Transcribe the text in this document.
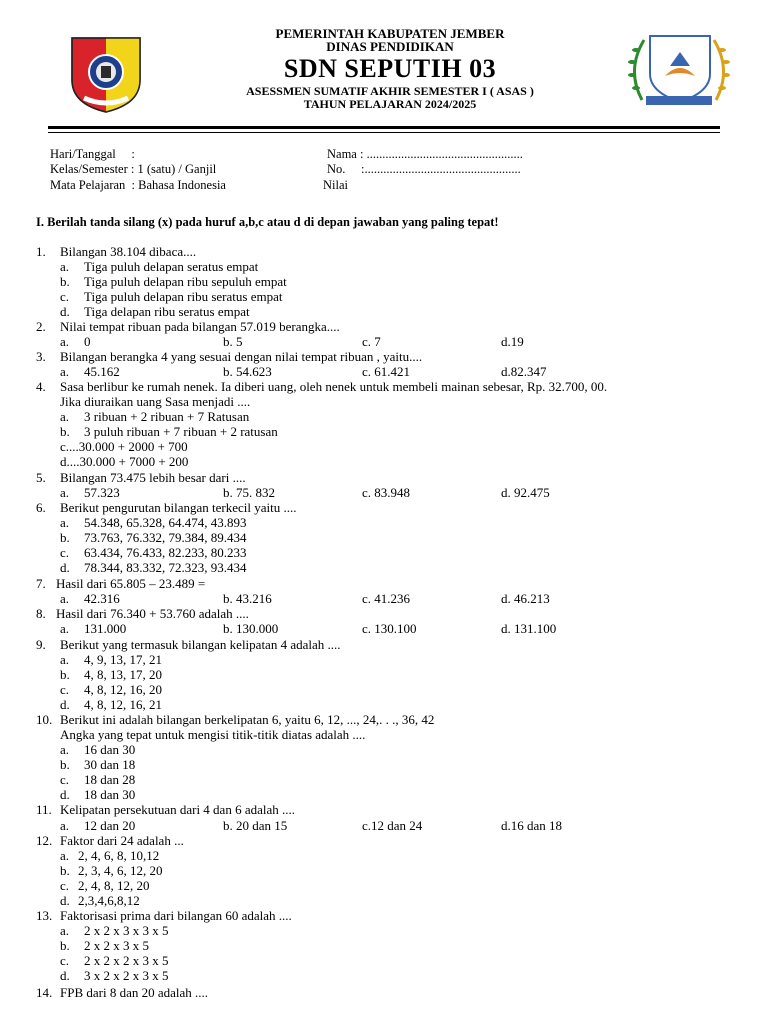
PEMERINTAH KABUPATEN JEMBER
DINAS PENDIDIKAN
SDN SEPUTIH 03
ASESSMEN SUMATIF AKHIR SEMESTER I ( ASAS )
TAHUN PELAJARAN 2024/2025
Hari/Tanggal     :
Kelas/Semester : 1 (satu) / Ganjil
Mata Pelajaran  : Bahasa Indonesia
Nama : ..................................................
No.     :..................................................
Nilai
I. Berilah tanda silang (x) pada huruf a,b,c atau d di depan jawaban yang paling tepat!
1. Bilangan 38.104 dibaca....
a. Tiga puluh delapan seratus empat
b. Tiga puluh delapan ribu sepuluh empat
c. Tiga puluh delapan ribu seratus empat
d. Tiga delapan ribu seratus empat
2. Nilai tempat ribuan pada bilangan 57.019 berangka....
a. 0	b. 5	c. 7	d.19
3. Bilangan berangka 4 yang sesuai dengan nilai tempat ribuan , yaitu....
a. 45.162	b. 54.623	c. 61.421	d.82.347
4. Sasa berlibur ke rumah nenek. Ia diberi uang, oleh nenek untuk membeli mainan sebesar, Rp. 32.700, 00.
Jika diuraikan uang Sasa menjadi ....
a. 3 ribuan + 2 ribuan + 7 Ratusan
b. 3 puluh ribuan + 7 ribuan + 2 ratusan
c....30.000 + 2000 + 700
d....30.000 + 7000 + 200
5. Bilangan 73.475 lebih besar dari ....
a. 57.323	b. 75. 832	c. 83.948	d. 92.475
6. Berikut pengurutan bilangan terkecil yaitu ....
a. 54.348, 65.328, 64.474, 43.893
b. 73.763, 76.332, 79.384, 89.434
c. 63.434, 76.433, 82.233, 80.233
d. 78.344, 83.332, 72.323, 93.434
7. Hasil dari 65.805 – 23.489 =
a. 42.316	b. 43.216	c. 41.236	d. 46.213
8. Hasil dari 76.340 + 53.760 adalah ....
a. 131.000	b. 130.000	c. 130.100	d. 131.100
9. Berikut yang termasuk bilangan kelipatan 4 adalah ....
a. 4, 9, 13, 17, 21
b. 4, 8, 13, 17, 20
c. 4, 8, 12, 16, 20
d. 4, 8, 12, 16, 21
10. Berikut ini adalah bilangan berkelipatan 6, yaitu 6, 12, ..., 24,. . ., 36, 42
Angka yang tepat untuk mengisi titik-titik diatas adalah ....
a. 16 dan 30
b. 30 dan 18
c. 18 dan 28
d. 18 dan 30
11. Kelipatan persekutuan dari 4 dan 6 adalah ....
a. 12 dan 20	b. 20 dan 15	c.12 dan 24	d.16 dan 18
12. Faktor dari 24 adalah ...
a. 2, 4, 6, 8, 10,12
b. 2, 3, 4, 6, 12, 20
c. 2, 4, 8, 12, 20
d. 2,3,4,6,8,12
13. Faktorisasi prima dari bilangan 60 adalah ....
a. 2 x 2 x 3 x 3 x 5
b. 2 x 2 x 3 x 5
c. 2 x 2 x 2 x 3 x 5
d. 3 x 2 x 2 x 3 x 5
14. FPB dari 8 dan 20 adalah ....
